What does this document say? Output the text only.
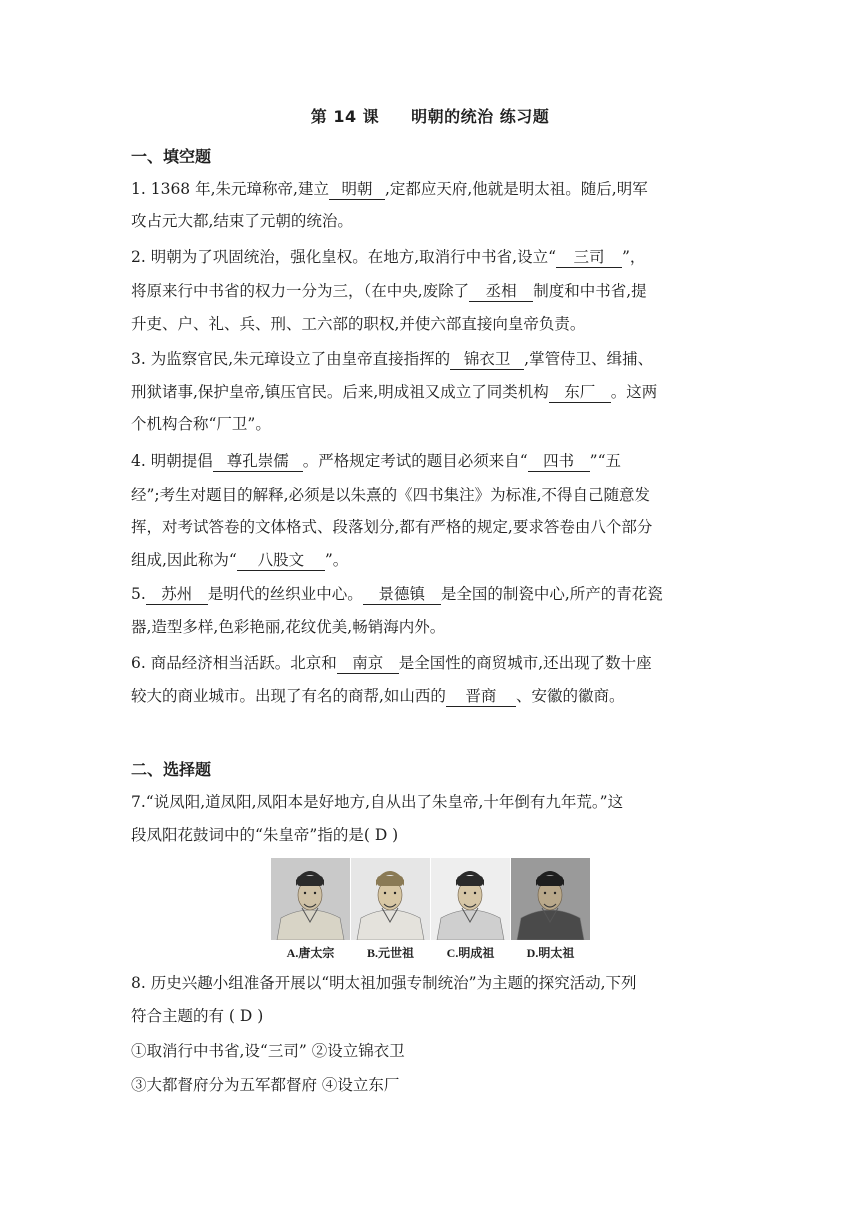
第 14 课 明朝的统治 练习题
一、填空题
1. 1368 年,朱元璋称帝,建立 明朝 ,定都应天府,他就是明太祖。随后,明军
攻占元大都,结束了元朝的统治。
2. 明朝为了巩固统治，强化皇权。在地方,取消行中书省,设立“ 三司 ”，
将原来行中书省的权力一分为三，（在中央,废除了 丞相 制度和中书省,提
升吏、户、礼、兵、刑、工六部的职权,并使六部直接向皇帝负责。
3. 为监察官民,朱元璋设立了由皇帝直接指挥的 锦衣卫 ,掌管侍卫、缉捕、
刑狱诸事,保护皇帝,镇压官民。后来,明成祖又成立了同类机构 东厂 。这两
个机构合称“厂卫”。
4. 明朝提倡 尊孔崇儒 。严格规定考试的题目必须来自“ 四书 ”“五
经”;考生对题目的解释,必须是以朱熹的《四书集注》为标准,不得自己随意发
挥，对考试答卷的文体格式、段落划分,都有严格的规定,要求答卷由八个部分
组成,因此称为“ 八股文 ”。
5. 苏州 是明代的丝织业中心。 景德镇 是全国的制瓷中心,所产的青花瓷
器,造型多样,色彩艳丽,花纹优美,畅销海内外。
6. 商品经济相当活跃。北京和 南京 是全国性的商贸城市,还出现了数十座
较大的商业城市。出现了有名的商帮,如山西的 晋商 、安徽的徽商。
二、选择题
7.“说凤阳,道凤阳,凤阳本是好地方,自从出了朱皇帝,十年倒有九年荒。”这
段凤阳花鼓词中的“朱皇帝”指的是( D )
A.唐太宗	B.元世祖	C.明成祖	D.明太祖
8. 历史兴趣小组准备开展以“明太祖加强专制统治”为主题的探究活动,下列
符合主题的有 ( D )
①取消行中书省,设“三司” ②设立锦衣卫
③大都督府分为五军都督府 ④设立东厂
